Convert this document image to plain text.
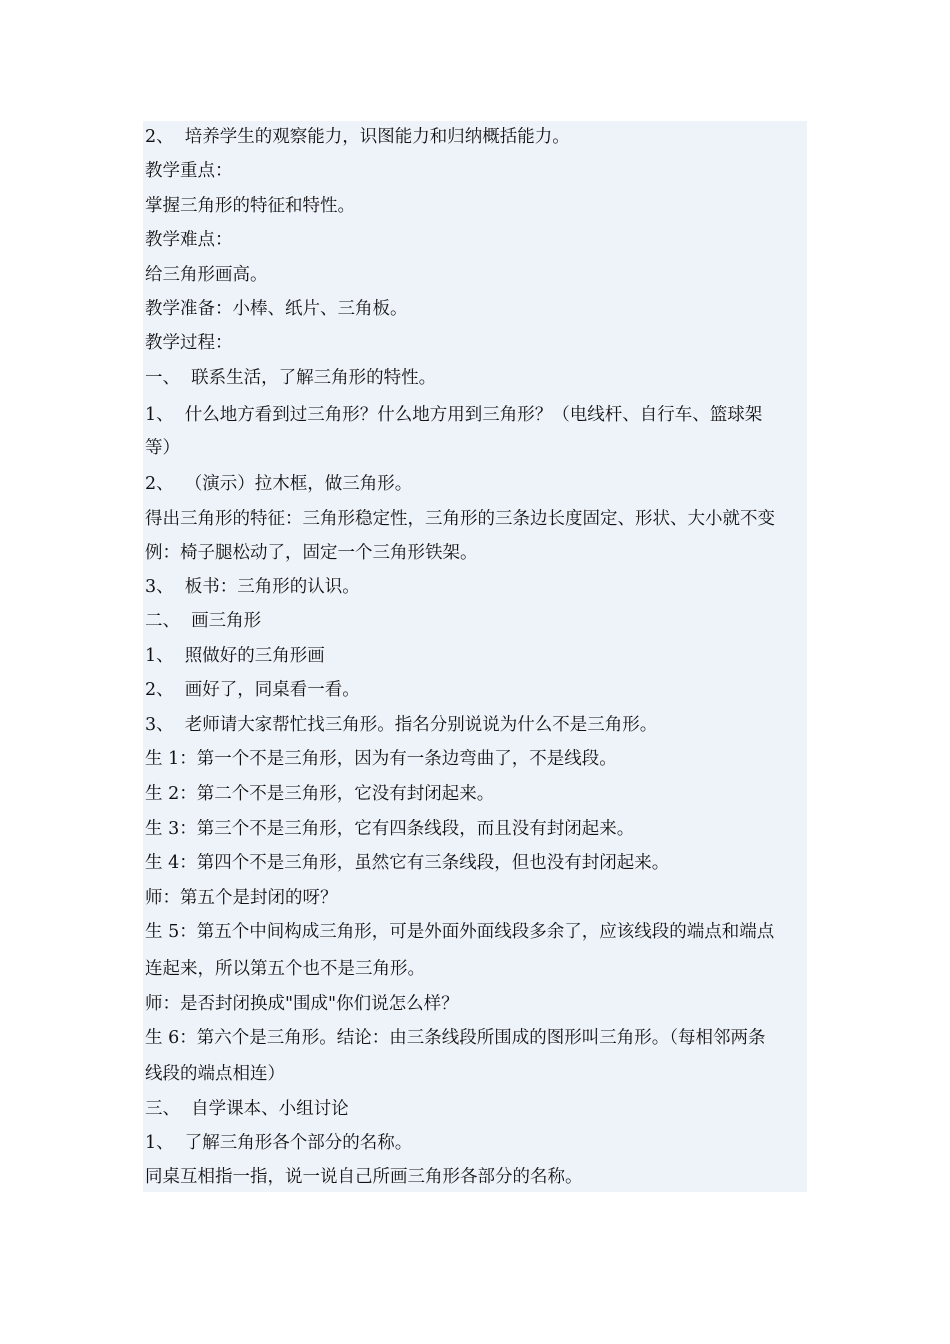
2、  培养学生的观察能力，识图能力和归纳概括能力。
教学重点：
掌握三角形的特征和特性。
教学难点：
给三角形画高。
教学准备：小棒、纸片、三角板。
教学过程：
一、  联系生活，了解三角形的特性。
1、  什么地方看到过三角形？什么地方用到三角形？（电线杆、自行车、篮球架
等）
2、  （演示）拉木框，做三角形。
得出三角形的特征：三角形稳定性，三角形的三条边长度固定、形状、大小就不变
例：椅子腿松动了，固定一个三角形铁架。
3、  板书：三角形的认识。
二、  画三角形
1、  照做好的三角形画
2、  画好了，同桌看一看。
3、  老师请大家帮忙找三角形。指名分别说说为什么不是三角形。
生 1：第一个不是三角形，因为有一条边弯曲了，不是线段。
生 2：第二个不是三角形，它没有封闭起来。
生 3：第三个不是三角形，它有四条线段，而且没有封闭起来。
生 4：第四个不是三角形，虽然它有三条线段，但也没有封闭起来。
师：第五个是封闭的呀？
生 5：第五个中间构成三角形，可是外面外面线段多余了，应该线段的端点和端点
连起来，所以第五个也不是三角形。
师：是否封闭换成"围成"你们说怎么样？
生 6：第六个是三角形。结论：由三条线段所围成的图形叫三角形。（每相邻两条
线段的端点相连）
三、  自学课本、小组讨论
1、  了解三角形各个部分的名称。
同桌互相指一指，说一说自己所画三角形各部分的名称。
